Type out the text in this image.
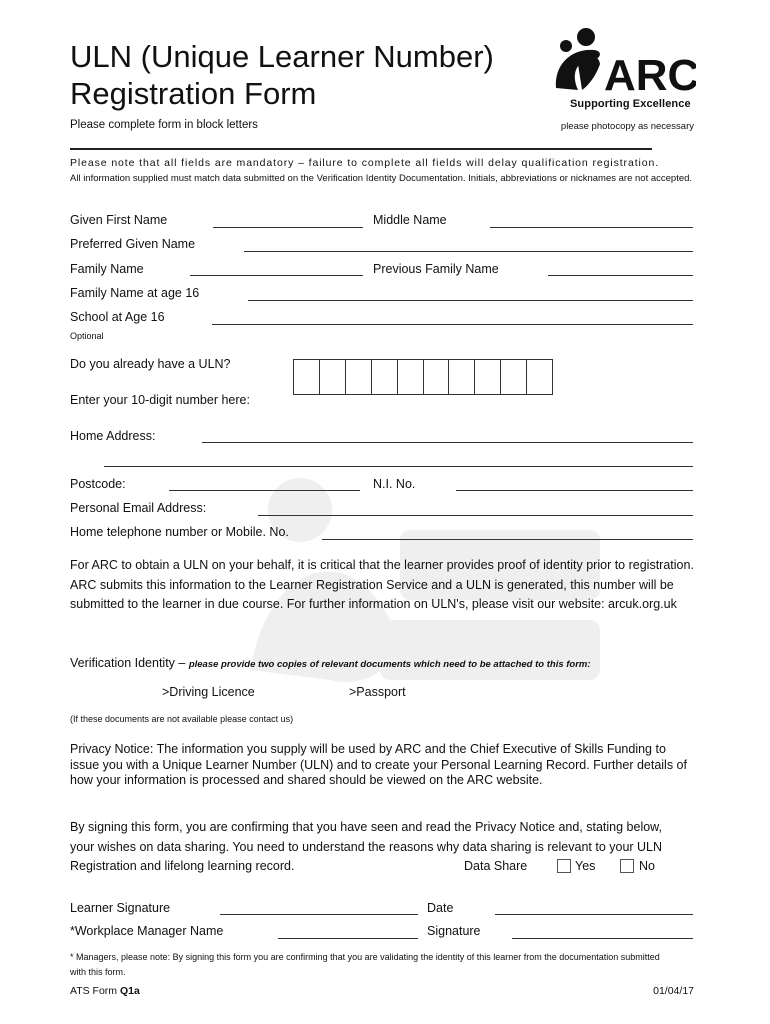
ULN (Unique Learner Number)
Registration Form	ARC
Supporting Excellence
Please complete form in block letters	please photocopy as necessary
Please note that all fields are mandatory – failure to complete all fields will delay qualification registration.
All information supplied must match data submitted on the Verification Identity Documentation. Initials, abbreviations or nicknames are not accepted.
Given First Name	Middle Name
Preferred Given Name
Family Name	Previous Family Name
Family Name at age 16
School at Age 16
Optional
Do you already have a ULN?
Enter your 10-digit number here:
Home Address:
Postcode:	N.I. No.
Personal Email Address:
Home telephone number or Mobile. No.
For ARC to obtain a ULN on your behalf, it is critical that the learner provides proof of identity prior to registration. ARC submits this information to the Learner Registration Service and a ULN is generated, this number will be submitted to the learner in due course. For further information on ULN's, please visit our website: arcuk.org.uk
Verification Identity – please provide two copies of relevant documents which need to be attached to this form:
>Driving Licence	>Passport
(If these documents are not available please contact us)
Privacy Notice: The information you supply will be used by ARC and the Chief Executive of Skills Funding to issue you with a Unique Learner Number (ULN) and to create your Personal Learning Record. Further details of how your information is processed and shared should be viewed on the ARC website.
By signing this form, you are confirming that you have seen and read the Privacy Notice and, stating below,
your wishes on data sharing. You need to understand the reasons why data sharing is relevant to your ULN
Registration and lifelong learning record.	Data Share	Yes	No
Learner Signature	Date
*Workplace Manager Name	Signature
* Managers, please note: By signing this form you are confirming that you are validating the identity of this learner from the documentation submitted with this form.
ATS Form Q1a	01/04/17
